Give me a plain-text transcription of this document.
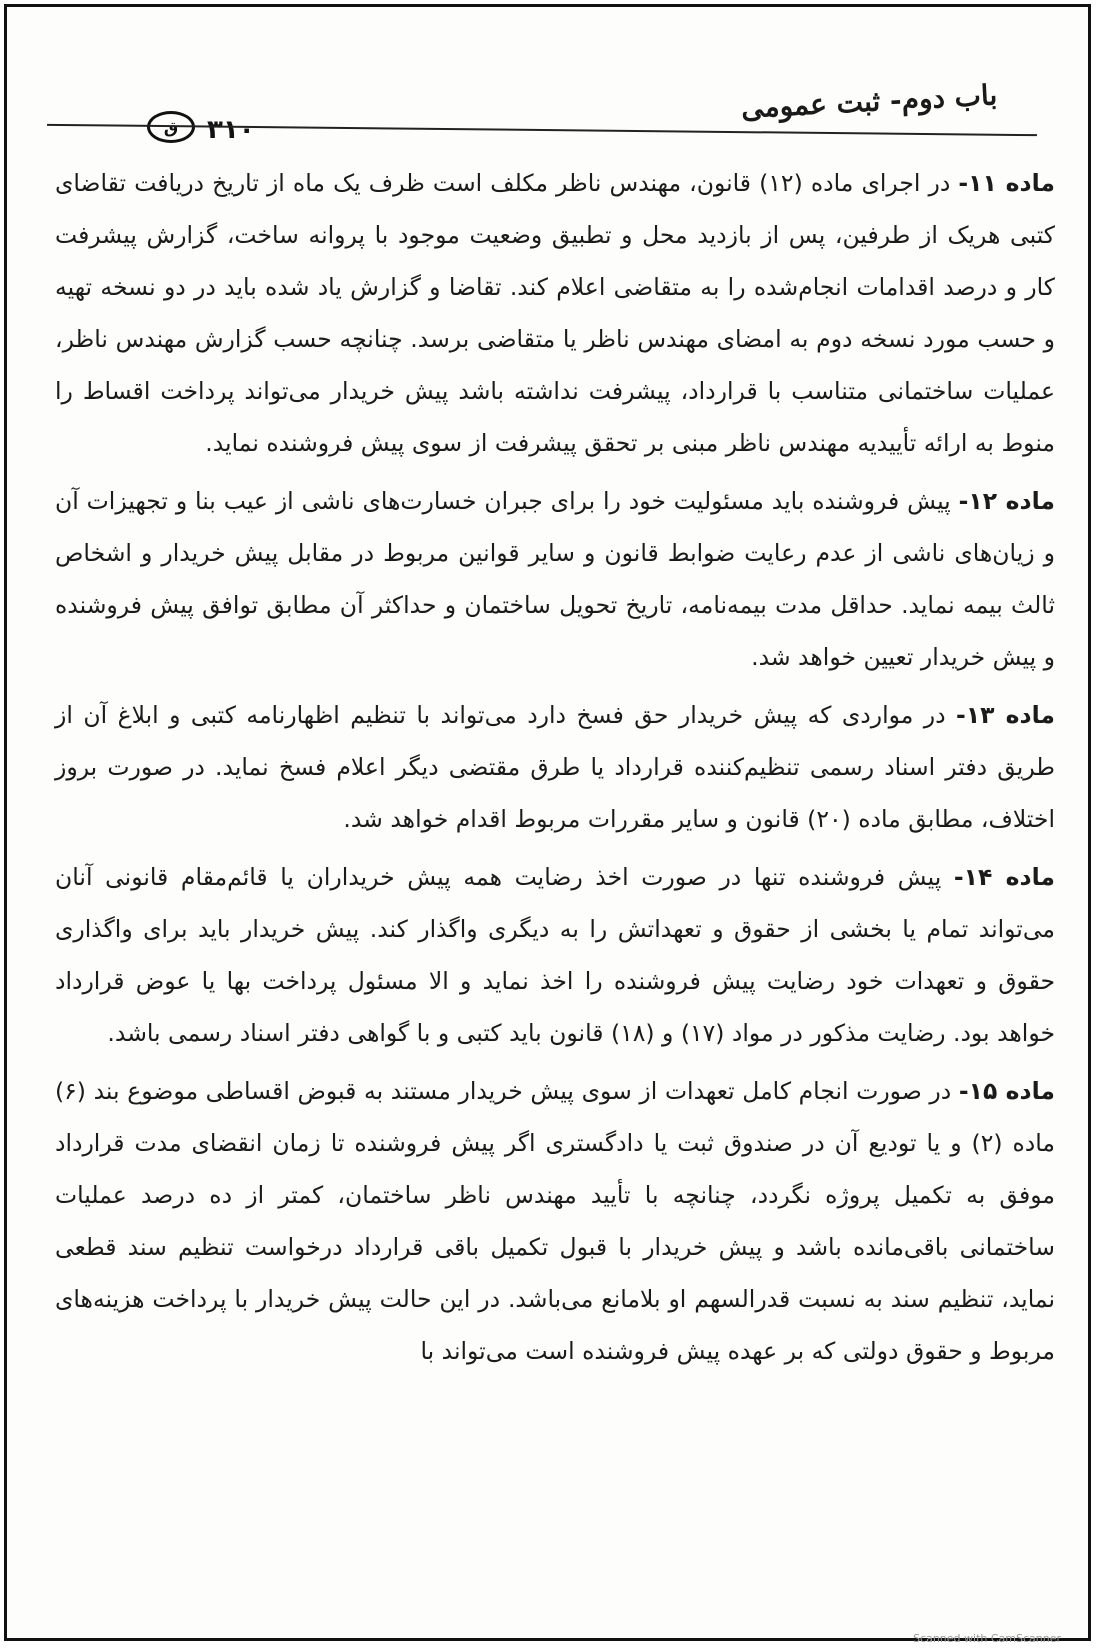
باب دوم- ثبت عمومی
ق	۳۱۰

ماده ۱۱- در اجرای ماده (۱۲) قانون، مهندس ناظر مکلف است ظرف یک ماه از تاریخ دریافت تقاضای کتبی هریک از طرفین، پس از بازدید محل و تطبیق وضعیت موجود با پروانه ساخت، گزارش پیشرفت کار و درصد اقدامات انجام‌شده را به متقاضی اعلام کند. تقاضا و گزارش یاد شده باید در دو نسخه تهیه و حسب مورد نسخه دوم به امضای مهندس ناظر یا متقاضی برسد. چنانچه حسب گزارش مهندس ناظر، عملیات ساختمانی متناسب با قرارداد، پیشرفت نداشته باشد پیش خریدار می‌تواند پرداخت اقساط را منوط به ارائه تأییدیه مهندس ناظر مبنی بر تحقق پیشرفت از سوی پیش فروشنده نماید.

ماده ۱۲- پیش فروشنده باید مسئولیت خود را برای جبران خسارت‌های ناشی از عیب بنا و تجهیزات آن و زیان‌های ناشی از عدم رعایت ضوابط قانون و سایر قوانین مربوط در مقابل پیش خریدار و اشخاص ثالث بیمه نماید. حداقل مدت بیمه‌نامه، تاریخ تحویل ساختمان و حداکثر آن مطابق توافق پیش فروشنده و پیش خریدار تعیین خواهد شد.

ماده ۱۳- در مواردی که پیش خریدار حق فسخ دارد می‌تواند با تنظیم اظهارنامه کتبی و ابلاغ آن از طریق دفتر اسناد رسمی تنظیم‌کننده قرارداد یا طرق مقتضی دیگر اعلام فسخ نماید. در صورت بروز اختلاف، مطابق ماده (۲۰) قانون و سایر مقررات مربوط اقدام خواهد شد.

ماده ۱۴- پیش فروشنده تنها در صورت اخذ رضایت همه پیش خریداران یا قائم‌مقام قانونی آنان می‌تواند تمام یا بخشی از حقوق و تعهداتش را به دیگری واگذار کند. پیش خریدار باید برای واگذاری حقوق و تعهدات خود رضایت پیش فروشنده را اخذ نماید و الا مسئول پرداخت بها یا عوض قرارداد خواهد بود. رضایت مذکور در مواد (۱۷) و (۱۸) قانون باید کتبی و با گواهی دفتر اسناد رسمی باشد.

ماده ۱۵- در صورت انجام کامل تعهدات از سوی پیش خریدار مستند به قبوض اقساطی موضوع بند (۶) ماده (۲) و یا تودیع آن در صندوق ثبت یا دادگستری اگر پیش فروشنده تا زمان انقضای مدت قرارداد موفق به تکمیل پروژه نگردد، چنانچه با تأیید مهندس ناظر ساختمان، کمتر از ده درصد عملیات ساختمانی باقی‌مانده باشد و پیش خریدار با قبول تکمیل باقی قرارداد درخواست تنظیم سند قطعی نماید، تنظیم سند به نسبت قدرالسهم او بلامانع می‌باشد. در این حالت پیش خریدار با پرداخت هزینه‌های مربوط و حقوق دولتی که بر عهده پیش فروشنده است می‌تواند با

Scanned with CamScanner
